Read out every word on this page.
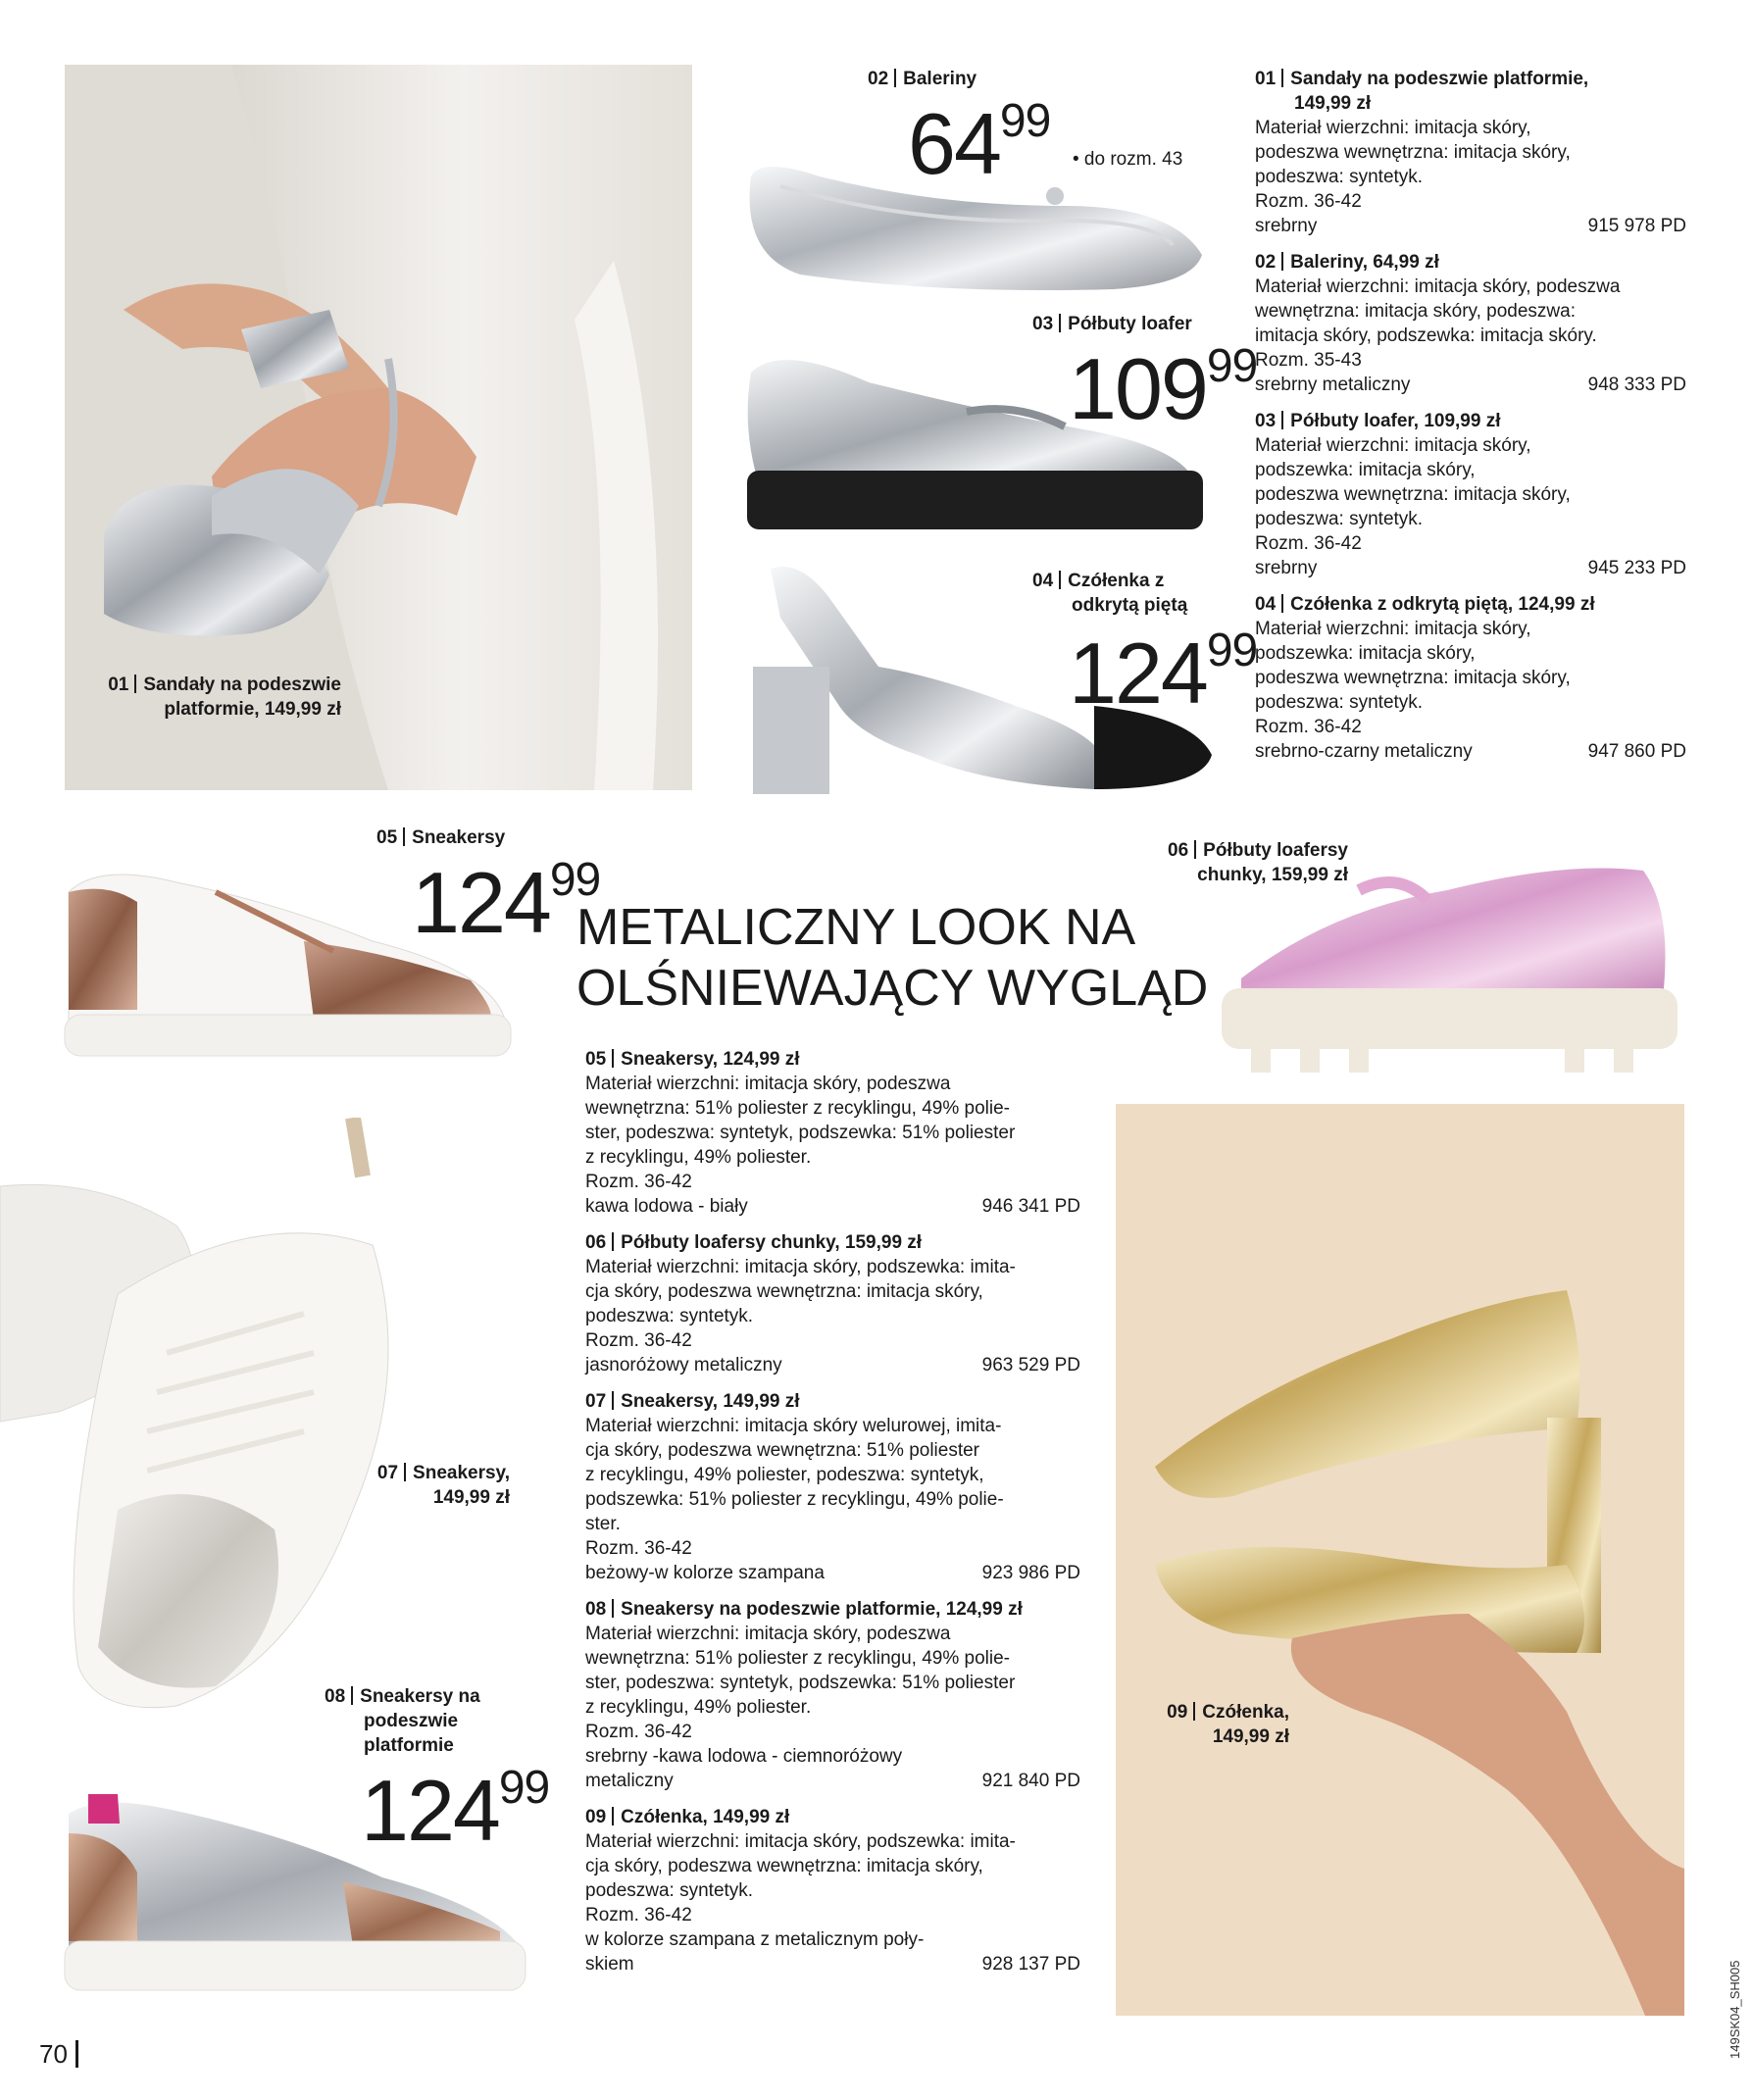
01 Sandały na podeszwie
platformie, 149,99 zł
02 Baleriny
6499
• do rozm. 43
03 Półbuty loafer
10999
04 Czółenka z
odkrytą piętą
12499
05 Sneakersy
12499
METALICZNY LOOK NA
OLŚNIEWAJĄCY WYGLĄD
06 Półbuty loafersy
chunky, 159,99 zł
07 Sneakersy,
149,99 zł
08 Sneakersy na
podeszwie
platformie
12499
09 Czółenka,
149,99 zł
01 Sandały na podeszwie platformie,
149,99 zł
Materiał wierzchni: imitacja skóry,
podeszwa wewnętrzna: imitacja skóry,
podeszwa: syntetyk.
Rozm. 36-42
srebrny	915 978 PD
02 Baleriny, 64,99 zł
Materiał wierzchni: imitacja skóry, podeszwa
wewnętrzna: imitacja skóry, podeszwa:
imitacja skóry, podszewka: imitacja skóry.
Rozm. 35-43
srebrny metaliczny	948 333 PD
03 Półbuty loafer, 109,99 zł
Materiał wierzchni: imitacja skóry,
podszewka: imitacja skóry,
podeszwa wewnętrzna: imitacja skóry,
podeszwa: syntetyk.
Rozm. 36-42
srebrny	945 233 PD
04 Czółenka z odkrytą piętą, 124,99 zł
Materiał wierzchni: imitacja skóry,
podszewka: imitacja skóry,
podeszwa wewnętrzna: imitacja skóry,
podeszwa: syntetyk.
Rozm. 36-42
srebrno-czarny metaliczny	947 860 PD
05 Sneakersy, 124,99 zł
Materiał wierzchni: imitacja skóry, podeszwa
wewnętrzna: 51% poliester z recyklingu, 49% polie-
ster, podeszwa: syntetyk, podszewka: 51% poliester
z recyklingu, 49% poliester.
Rozm. 36-42
kawa lodowa - biały	946 341 PD
06 Półbuty loafersy chunky, 159,99 zł
Materiał wierzchni: imitacja skóry, podszewka: imita-
cja skóry, podeszwa wewnętrzna: imitacja skóry,
podeszwa: syntetyk.
Rozm. 36-42
jasnoróżowy metaliczny	963 529 PD
07 Sneakersy, 149,99 zł
Materiał wierzchni: imitacja skóry welurowej, imita-
cja skóry, podeszwa wewnętrzna: 51% poliester
z recyklingu, 49% poliester, podeszwa: syntetyk,
podszewka: 51% poliester z recyklingu, 49% polie-
ster.
Rozm. 36-42
beżowy-w kolorze szampana	923 986 PD
08 Sneakersy na podeszwie platformie, 124,99 zł
Materiał wierzchni: imitacja skóry, podeszwa
wewnętrzna: 51% poliester z recyklingu, 49% polie-
ster, podeszwa: syntetyk, podszewka: 51% poliester
z recyklingu, 49% poliester.
Rozm. 36-42
srebrny -kawa lodowa - ciemnoróżowy
metaliczny	921 840 PD
09 Czółenka, 149,99 zł
Materiał wierzchni: imitacja skóry, podszewka: imita-
cja skóry, podeszwa wewnętrzna: imitacja skóry,
podeszwa: syntetyk.
Rozm. 36-42
w kolorze szampana z metalicznym poły-
skiem	928 137 PD
70	149SK04_SH005
